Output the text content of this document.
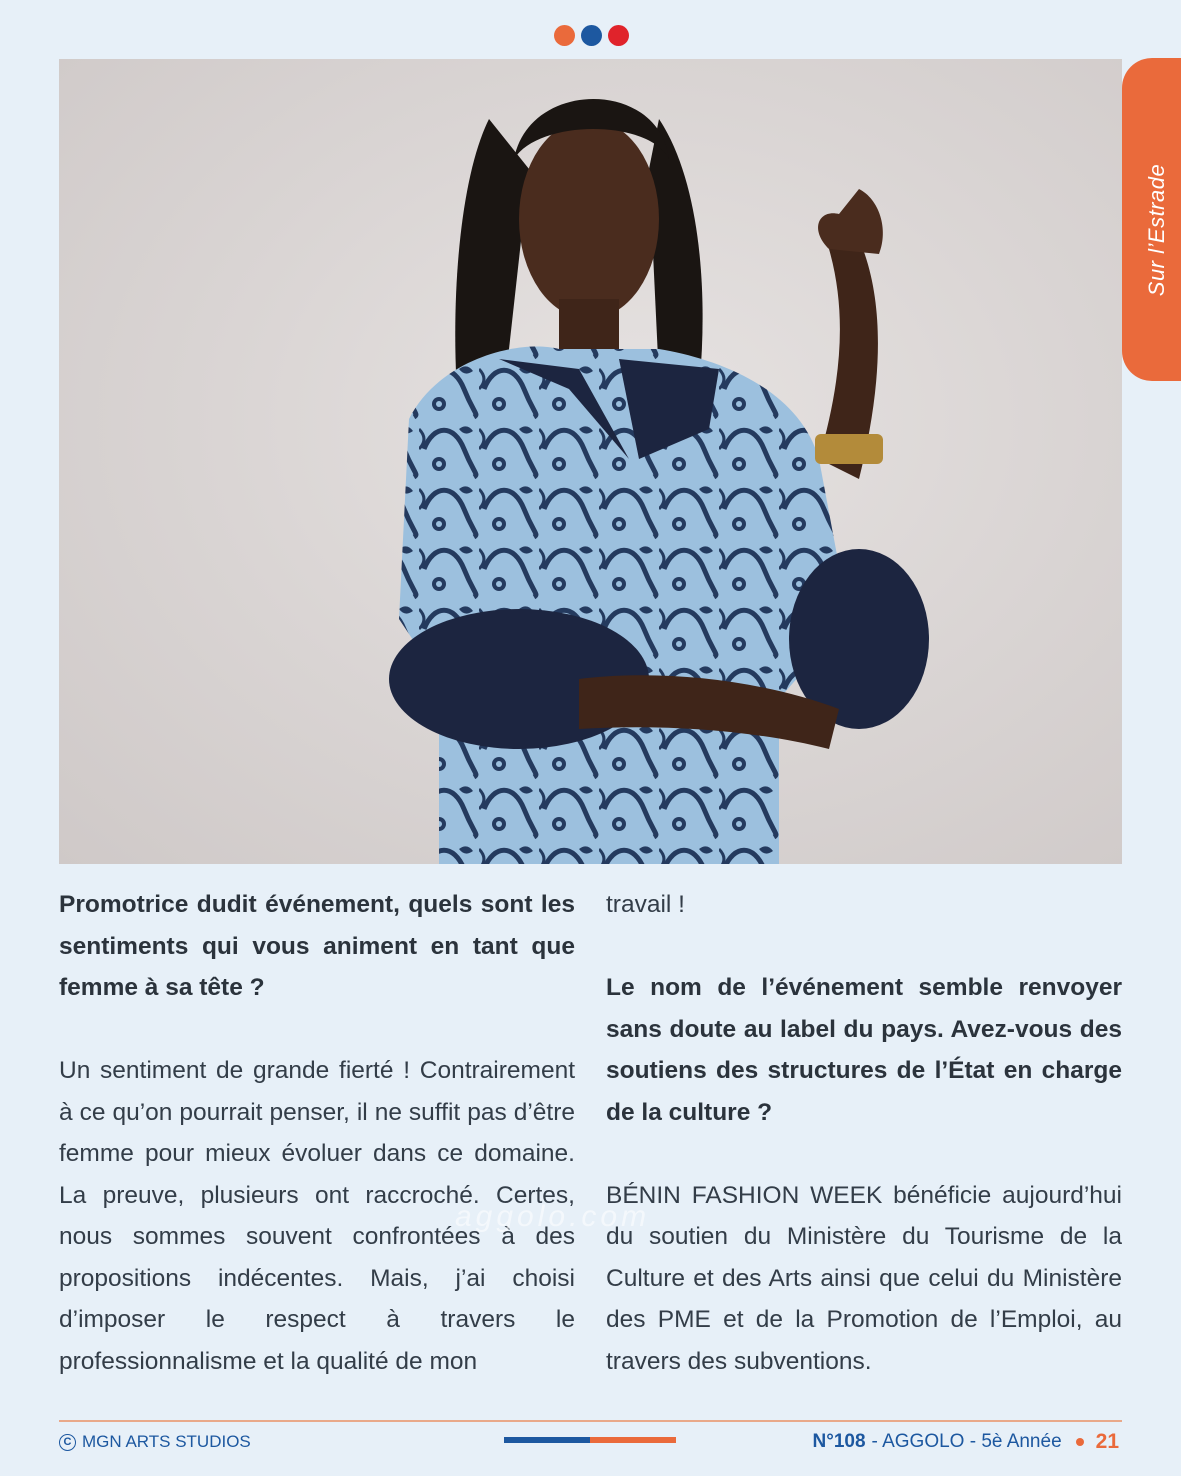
Sur l’Estrade

Promotrice dudit événement, quels sont les sentiments qui vous animent en tant que femme à sa tête ?

Un sentiment de grande fierté ! Contrairement à ce qu’on pourrait penser, il ne suffit pas d’être femme pour mieux évoluer dans ce domaine. La preuve, plusieurs ont raccroché. Certes, nous sommes souvent confrontées à des propositions indécentes. Mais, j’ai choisi d’imposer le respect à travers le professionnalisme et la qualité de mon

travail !

Le nom de l’événement semble renvoyer sans doute au label du pays. Avez-vous des soutiens des structures de l’État en charge de la culture ?

BÉNIN FASHION WEEK bénéficie aujourd’hui du soutien du Ministère du Tourisme de la Culture et des Arts ainsi que celui du Ministère des PME et de la Promotion de l’Emploi, au travers des subventions.

aggolo.com
C MGN ARTS STUDIOS	N°108 - AGGOLO - 5è Année 21
